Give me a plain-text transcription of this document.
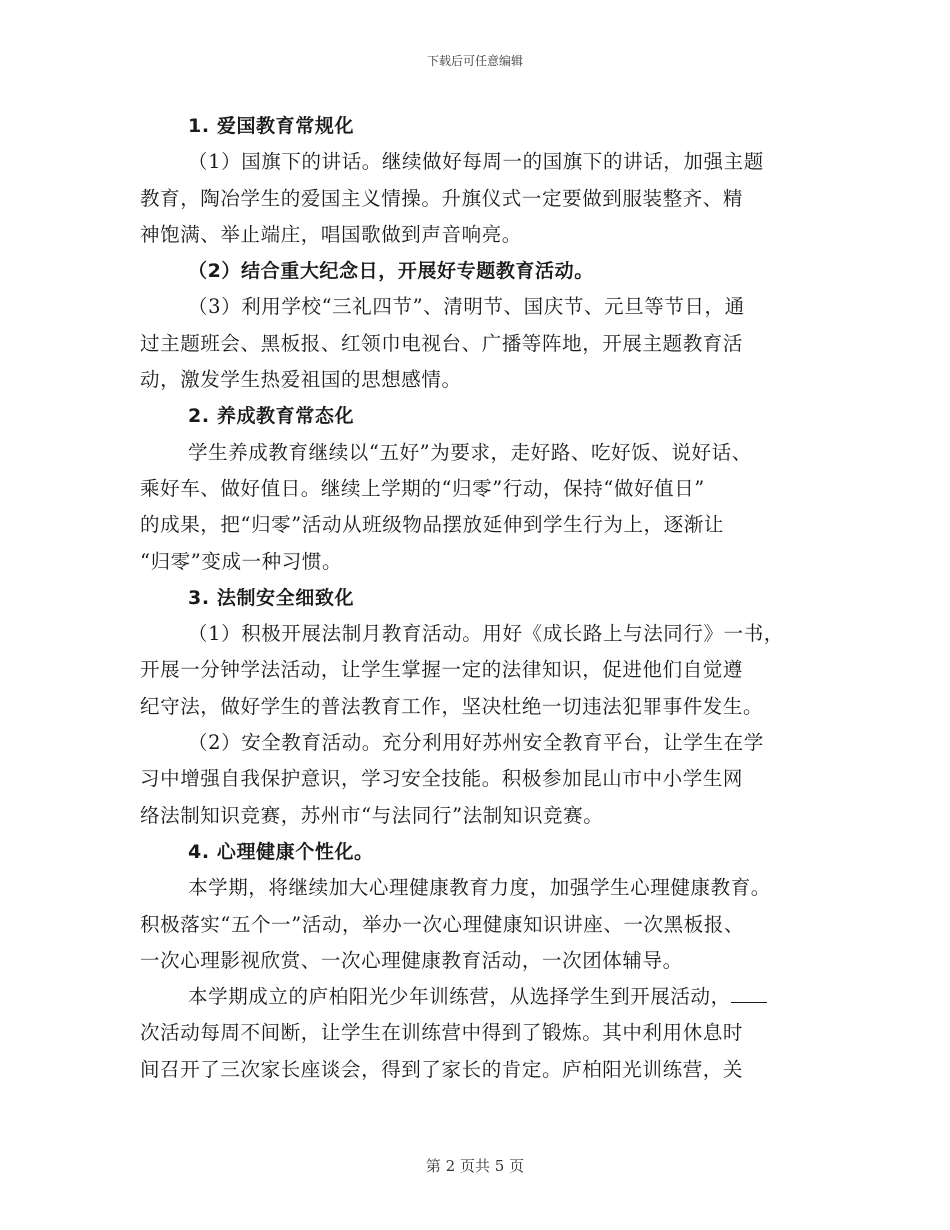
下载后可任意编辑
1. 爱国教育常规化
（1）国旗下的讲话。继续做好每周一的国旗下的讲话，加强主题
教育，陶冶学生的爱国主义情操。升旗仪式一定要做到服装整齐、精
神饱满、举止端庄，唱国歌做到声音响亮。
（2）结合重大纪念日，开展好专题教育活动。
（3）利用学校“三礼四节”、清明节、国庆节、元旦等节日，通
过主题班会、黑板报、红领巾电视台、广播等阵地，开展主题教育活
动，激发学生热爱祖国的思想感情。
2. 养成教育常态化
学生养成教育继续以“五好”为要求，走好路、吃好饭、说好话、
乘好车、做好值日。继续上学期的“归零”行动，保持“做好值日”
的成果，把“归零”活动从班级物品摆放延伸到学生行为上，逐渐让
“归零”变成一种习惯。
3. 法制安全细致化
（1）积极开展法制月教育活动。用好《成长路上与法同行》一书，
开展一分钟学法活动，让学生掌握一定的法律知识，促进他们自觉遵
纪守法，做好学生的普法教育工作，坚决杜绝一切违法犯罪事件发生。
（2）安全教育活动。充分利用好苏州安全教育平台，让学生在学
习中增强自我保护意识，学习安全技能。积极参加昆山市中小学生网
络法制知识竞赛，苏州市“与法同行”法制知识竞赛。
4. 心理健康个性化。
本学期，将继续加大心理健康教育力度，加强学生心理健康教育。
积极落实“五个一”活动，举办一次心理健康知识讲座、一次黑板报、
一次心理影视欣赏、一次心理健康教育活动，一次团体辅导。
本学期成立的庐柏阳光少年训练营，从选择学生到开展活动，
次活动每周不间断，让学生在训练营中得到了锻炼。其中利用休息时
间召开了三次家长座谈会，得到了家长的肯定。庐柏阳光训练营，关
第 2 页共 5 页
